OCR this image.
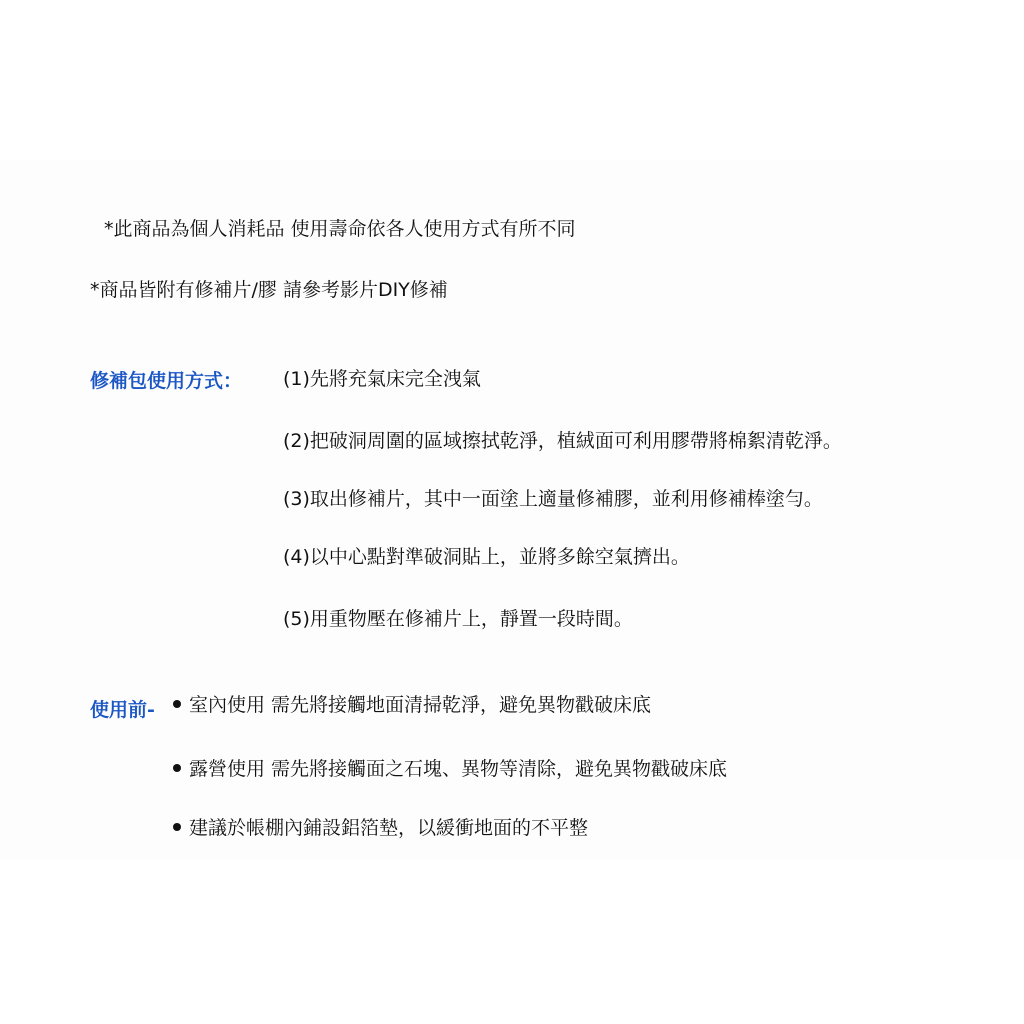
*此商品為個人消耗品 使用壽命依各人使用方式有所不同
*商品皆附有修補片/膠 請參考影片DIY修補
修補包使用方式： (1)先將充氣床完全洩氣
(2)把破洞周圍的區域擦拭乾淨，植絨面可利用膠帶將棉絮清乾淨。
(3)取出修補片，其中一面塗上適量修補膠，並利用修補棒塗勻。
(4)以中心點對準破洞貼上，並將多餘空氣擠出。
(5)用重物壓在修補片上，靜置一段時間。
使用前-	室內使用 需先將接觸地面清掃乾淨，避免異物戳破床底
露營使用 需先將接觸面之石塊、異物等清除，避免異物戳破床底
建議於帳棚內鋪設鋁箔墊，以緩衝地面的不平整
